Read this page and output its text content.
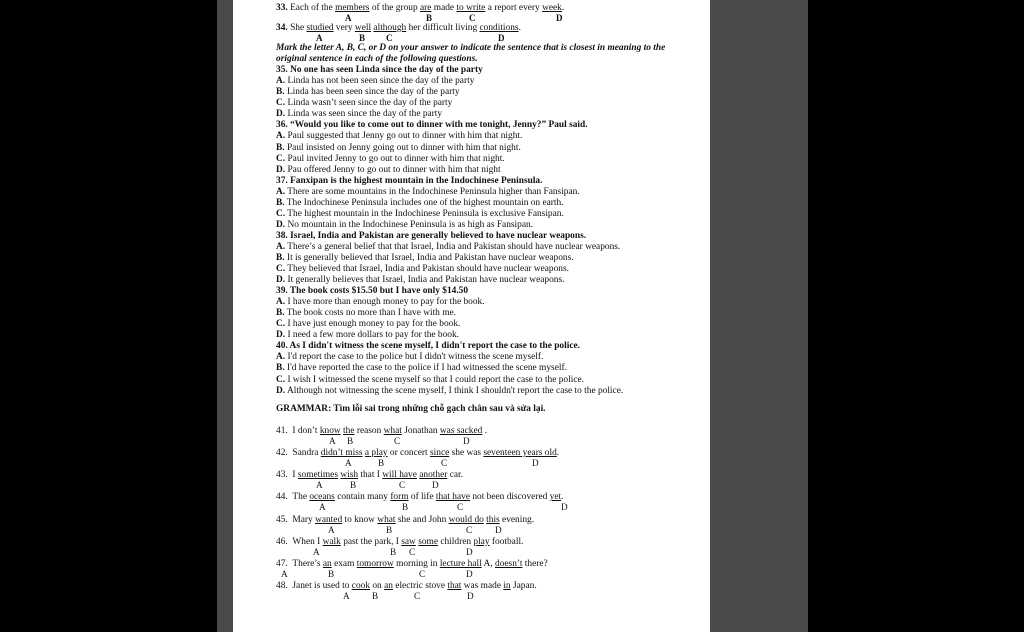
33. Each of the members of the group are made to write a report every week.
A	B	C	D
34. She studied very well although her difficult living conditions.
A	B C	D
Mark the letter A, B, C, or D on your answer to indicate the sentence that is closest in meaning to the
original sentence in each of the following questions.
35. No one has seen Linda since the day of the party
A. Linda has not been seen since the day of the party
B. Linda has been seen since the day of the party
C. Linda wasn’t seen since the day of the party
D. Linda was seen since the day of the party
36. “Would you like to come out to dinner with me tonight, Jenny?” Paul said.
A. Paul suggested that Jenny go out to dinner with him that night.
B. Paul insisted on Jenny going out to dinner with him that night.
C. Paul invited Jenny to go out to dinner with him that night.
D. Pau offered Jenny to go out to dinner with him that night
37. Fanxipan is the highest mountain in the Indochinese Peninsula.
A. There are some mountains in the Indochinese Peninsula higher than Fansipan.
B. The Indochinese Peninsula includes one of the highest mountain on earth.
C. The highest mountain in the Indochinese Peninsula is exclusive Fansipan.
D. No mountain in the Indochinese Peninsula is as high as Fansipan.
38. Israel, India and Pakistan are generally believed to have nuclear weapons.
A. There’s a general belief that that Israel, India and Pakistan should have nuclear weapons.
B. It is generally believed that Israel, India and Pakistan have nuclear weapons.
C. They believed that Israel, India and Pakistan should have nuclear weapons.
D. It generally believes that Israel, India and Pakistan have nuclear weapons.
39. The book costs $15.50 but I have only $14.50
A. I have more than enough money to pay for the book.
B. The book costs no more than I have with me.
C. I have just enough money to pay for the book.
D. I need a few more dollars to pay for the book.
40. As I didn't witness the scene myself, I didn't report the case to the police.
A. I'd report the case to the police but I didn't witness the scene myself.
B. I'd have reported the case to the police if I had witnessed the scene myself.
C. I wish I witnessed the scene myself so that I could report the case to the police.
D. Although not witnessing the scene myself, I think I shouldn't report the case to the police.
GRAMMAR: Tìm lỗi sai trong những chỗ gạch chân sau và sửa lại.
41. I don’t know the reason what Jonathan was sacked .
A B	C	D
42. Sandra didn’t miss a play or concert since she was seventeen years old.
A	B	C	D
43. I sometimes wish that I will have another car.
A	B	C	D
44. The oceans contain many form of life that have not been discovered yet.
A	B	C	D
45. Mary wanted to know what she and John would do this evening.
A	B	C D
46. When I walk past the park, I saw some children play football.
A	B C	D
47. There’s an exam tomorrow morning in lecture hall A, doesn’t there?
A	B	C	D
48. Janet is used to cook on an electric stove that was made in Japan.
A B	C	D
